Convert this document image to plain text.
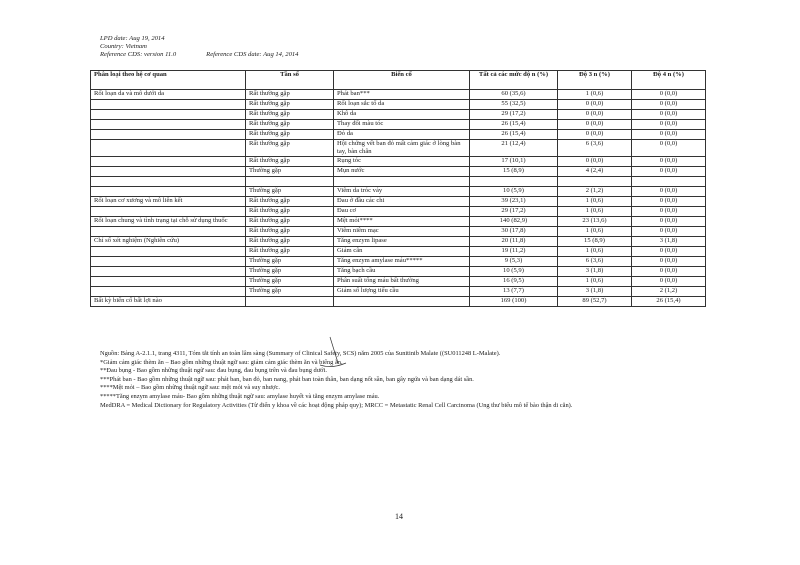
LPD date: Aug 19, 2014
Country: Vietnam
Reference CDS: version 11.0	Reference CDS date: Aug 14, 2014
Phân loại theo hệ cơ quan	Tần số	Biến cố	Tất cả các mức độ n (%)	Độ 3 n (%)	Độ 4 n (%)
Rối loạn da và mô dưới da	Rất thường gặp	Phát ban***	60 (35,6)	1 (0,6)	0 (0,0)
	Rất thường gặp	Rối loạn sắc tố da	55 (32,5)	0 (0,0)	0 (0,0)
	Rất thường gặp	Khô da	29 (17,2)	0 (0,0)	0 (0,0)
	Rất thường gặp	Thay đổi màu tóc	26 (15,4)	0 (0,0)	0 (0,0)
	Rất thường gặp	Đỏ da	26 (15,4)	0 (0,0)	0 (0,0)
	Rất thường gặp	Hội chứng vết ban đỏ mất cảm giác ở lòng bàn tay, bàn chân	21 (12,4)	6 (3,6)	0 (0,0)
	Rất thường gặp	Rụng tóc	17 (10,1)	0 (0,0)	0 (0,0)
	Thường gặp	Mụn nước	15 (8,9)	4 (2,4)	0 (0,0)

	Thường gặp	Viêm da tróc vảy	10 (5,9)	2 (1,2)	0 (0,0)
Rối loạn cơ xương và mô liên kết	Rất thường gặp	Đau ở đầu các chi	39 (23,1)	1 (0,6)	0 (0,0)
	Rất thường gặp	Đau cơ	29 (17,2)	1 (0,6)	0 (0,0)
Rối loạn chung và tình trạng tại chỗ sử dụng thuốc	Rất thường gặp	Mệt mỏi****	140 (82,9)	23 (13,6)	0 (0,0)
	Rất thường gặp	Viêm niêm mạc	30 (17,8)	1 (0,6)	0 (0,0)
Chỉ số xét nghiệm (Nghiên cứu)	Rất thường gặp	Tăng enzym lipase	20 (11,8)	15 (8,9)	3 (1,8)
	Rất thường gặp	Giảm cân	19 (11,2)	1 (0,6)	0 (0,0)
	Thường gặp	Tăng enzym amylase máu*****	9 (5,3)	6 (3,6)	0 (0,0)
	Thường gặp	Tăng bạch cầu	10 (5,9)	3 (1,8)	0 (0,0)
	Thường gặp	Phân suất tống máu bất thường	16 (9,5)	1 (0,6)	0 (0,0)
	Thường gặp	Giảm số lượng tiểu cầu	13 (7,7)	3 (1,8)	2 (1,2)
Bất kỳ biến cố bất lợi nào			169 (100)	89 (52,7)	26 (15,4)

Nguồn: Bảng A-2.1.1, trang 4311, Tóm tắt tính an toàn lâm sàng (Summary of Clinical Safety, SCS) năm 2005 của Sunitinib Malate ((SU011248 L-Malate).

*Giảm cảm giác thèm ăn – Bao gồm những thuật ngữ sau: giảm cảm giác thèm ăn và biếng ăn.

**Đau bụng - Bao gồm những thuật ngữ sau: đau bụng, đau bụng trên và đau bụng dưới.

***Phát ban - Bao gồm những thuật ngữ sau: phát ban, ban đỏ, ban nang, phát ban toàn thân, ban dạng nốt sần, ban gây ngứa và ban dạng dát sần.

****Mệt mỏi – Bao gồm những thuật ngữ sau: mệt mỏi và suy nhược.

*****Tăng enzym amylase máu- Bao gồm những thuật ngữ sau: amylase huyết và tăng enzym amylase máu.

MedDRA = Medical Dictionary for Regulatory Activities (Từ điển y khoa về các hoạt động pháp quy); MRCC = Metastatic Renal Cell Carcinoma (Ung thư biểu mô tế bào thận di căn).

14
